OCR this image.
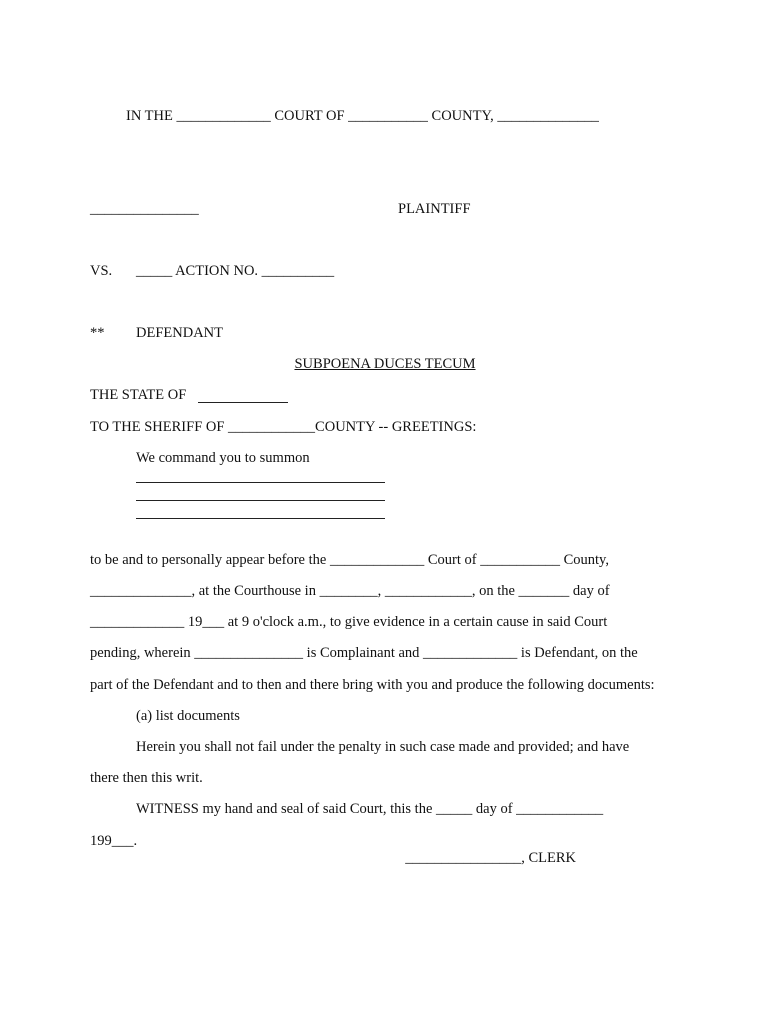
IN THE _____________ COURT OF ___________ COUNTY, ______________
_______________	PLAINTIFF
VS. _____ ACTION NO. __________
** DEFENDANT
SUBPOENA DUCES TECUM
THE STATE OF
TO THE SHERIFF OF ____________COUNTY -- GREETINGS:
We command you to summon
to be and to personally appear before the _____________ Court of ___________ County,
______________, at the Courthouse in ________, ____________, on the _______ day of
_____________ 19___ at 9 o'clock a.m., to give evidence in a certain cause in said Court
pending, wherein _______________ is Complainant and _____________ is Defendant, on the
part of the Defendant and to then and there bring with you and produce the following documents:
(a) list documents
Herein you shall not fail under the penalty in such case made and provided; and have
there then this writ.
WITNESS my hand and seal of said Court, this the _____ day of ____________
199___.
________________, CLERK
